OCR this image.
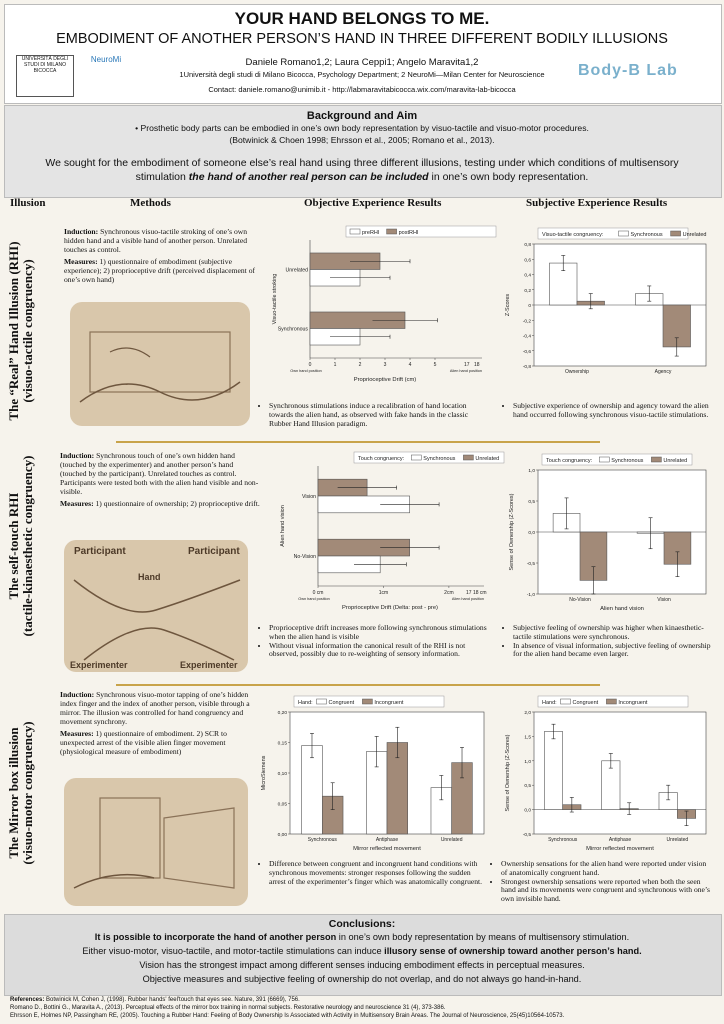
YOUR HAND BELONGS TO ME.
EMBODIMENT OF ANOTHER PERSON’S HAND IN THREE DIFFERENT BODILY ILLUSIONS
Daniele Romano1,2; Laura Ceppi1; Angelo Maravita1,2
1Università degli studi di Milano Bicocca, Psychology Department; 2 NeuroMi—Milan Center for Neuroscience
Contact: daniele.romano@unimib.it - http://labmaravitabicocca.wix.com/maravita-lab-bicocca
UNIVERSITÀ DEGLI STUDI DI MILANO BICOCCA
NeuroMi
Body-B Lab
Background and Aim
• Prosthetic body parts can be embodied in one’s own body representation by visuo-tactile and visuo-motor procedures.
(Botwinick & Choen 1998; Ehrsson et al., 2005; Romano et al., 2013).
We sought for the embodiment of someone else’s real hand using three different illusions, testing under which conditions of multisensory stimulation the hand of another real person can be included in one’s own body representation.
Illusion	Methods	Objective Experience Results	Subjective Experience Results
The “Real” Hand Illusion (RHI) (visuo-tactile congruency)
Induction: Synchronous visuo-tactile stroking of one’s own hidden hand and a visible hand of another person. Unrelated touches as control.
Measures: 1) questionnaire of embodiment (subjective experience); 2) proprioceptive drift (perceived displacement of one’s own hand)
0	1	2	3	4	5	17 18
Own hand position	Alien hand position
Unrelated
Synchronous
Proprioceptive Drift (cm)
Visuo-tactile stroking
preRHI	postRHI
-0,8
-0,6
-0,4
-0,2
0
0,2
0,4
0,6
0,8
Ownership	Agency
Z-Scores
Visuo-tactile congruency:	Synchronous	Unrelated
• Synchronous stimulations induce a recalibration of hand location towards the alien hand, as observed with fake hands in the classic Rubber Hand Illusion paradigm.
• Subjective experience of ownership and agency toward the alien hand occurred following synchronous visuo-tactile stimulations.
The self-touch RHI (tactile-kinaesthetic congruency)
Induction: Synchronous touch of one’s own hidden hand (touched by the experimenter) and another person’s hand (touched by the participant). Unrelated touches as control. Participants were tested both with the alien hand visible and non-visible.
Measures: 1) questionnaire of ownership; 2) proprioceptive drift.
Participant	Participant
Hand
Experimenter	Experimenter
0 cm	1cm	2cm 17 18 cm
Own hand position	Alien hand position
Vision
No-Vision
Proprioceptive Drift (Delta: post - pre)
Alien hand vision
Touch congruency:	Synchronous	Unrelated
-1,0
-0,5
0,0
0,5
1,0
No-Vision	Vision
Alien hand vision
Sense of Ownership (Z-Scores)
Touch congruency:	Synchronous	Unrelated
• Proprioceptive drift increases more following synchronous stimulations when the alien hand is visible
• Without visual information the canonical result of the RHI is not observed, possibly due to re-weighting of sensory information.
• Subjective feeling of ownership was higher when kinaesthetic-tactile stimulations were synchronous.
• In absence of visual information, subjective feeling of ownership for the alien hand became even larger.
The Mirror box illusion (visuo-motor congruency)
Induction: Synchronous visuo-motor tapping of one’s hidden index finger and the index of another person, visible through a mirror. The illusion was controlled for hand congruency and movement synchrony.
Measures: 1) questionnaire of embodiment. 2) SCR to unexpected arrest of the visible alien finger movement (physiological measure of embodiment)
0,00
0,05
0,10
0,15
0,20
Synchronous	Antiphase	Unrelated
Mirror reflected movement
MicroSiemens
Hand:	Congruent	Incongruent
-0,5
0,0
0,5
1,0
1,5
2,0
Synchronous	Antiphase	Unrelated
Mirror reflected movement
Sense of Ownership (Z-Scores)
Hand:	Congruent	Incongruent
• Difference between congruent and incongruent hand conditions with synchronous movements: stronger responses following the sudden arrest of the experimenter’s finger which was anatomically congruent.
• Ownership sensations for the alien hand were reported under vision of anatomically congruent hand.
• Strongest ownership sensations were reported when both the seen hand and its movements were congruent and synchronous with one’s own invisible hand.
Conclusions:
It is possible to incorporate the hand of another person in one’s own body representation by means of multisensory stimulation.
Either visuo-motor, visuo-tactile, and motor-tactile stimulations can induce illusory sense of ownership toward another person’s hand.
Vision has the strongest impact among different senses inducing embodiment effects in perceptual measures.
Objective measures and subjective feeling of ownership do not overlap, and do not always go hand-in-hand.
References: Botwinick M, Cohen J, (1998). Rubber hands' feel'touch that eyes see. Nature, 391 (6669), 756.
Romano D., Bottini G., Maravita A., (2013). Perceptual effects of the mirror box training in normal subjects. Restorative neurology and neuroscience 31 (4), 373-386.
Ehrsson E, Holmes NP, Passingham RE, (2005). Touching a Rubber Hand: Feeling of Body Ownership Is Associated with Activity in Multisensory Brain Areas. The Journal of Neuroscience, 25(45)10564-10573.
